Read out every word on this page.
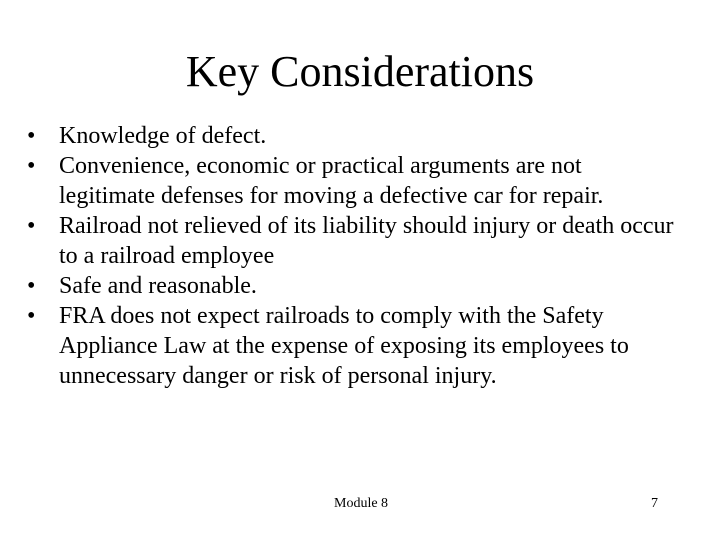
Key Considerations
• Knowledge of defect.
• Convenience, economic or practical arguments are not legitimate defenses for moving a defective car for repair.
• Railroad not relieved of its liability should injury or death occur to a railroad employee
• Safe and reasonable.
• FRA does not expect railroads to comply with the Safety Appliance Law at the expense of exposing its employees to unnecessary danger or risk of personal injury.
Module 8	7
